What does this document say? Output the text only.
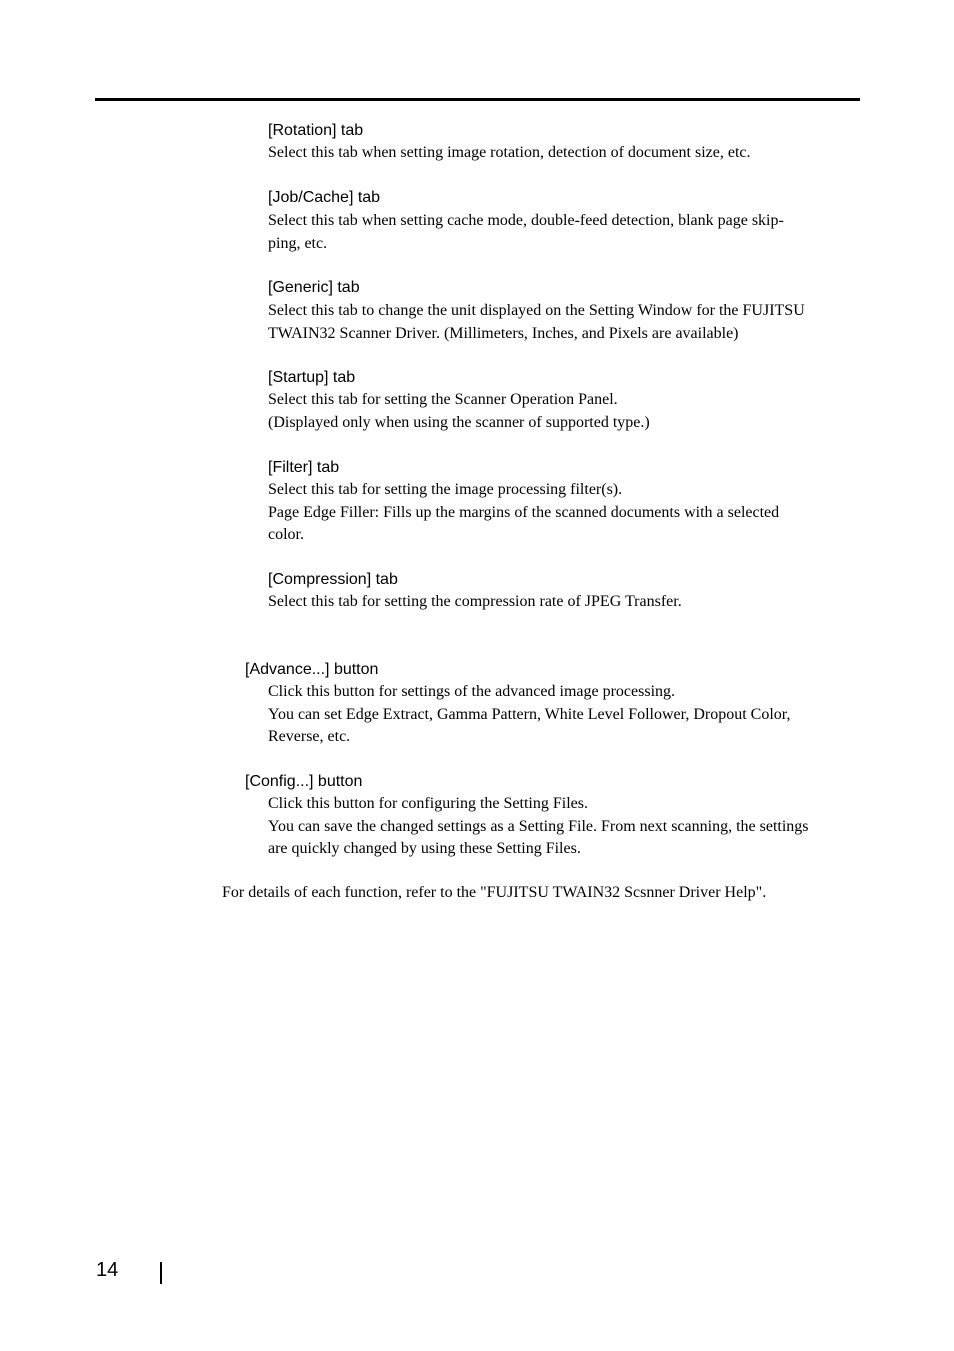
[Rotation] tab

Select this tab when setting image rotation, detection of document size, etc.

[Job/Cache] tab

Select this tab when setting cache mode, double-feed detection, blank page skip-

ping, etc.

[Generic] tab

Select this tab to change the unit displayed on the Setting Window for the FUJITSU

TWAIN32 Scanner Driver. (Millimeters, Inches, and Pixels are available)

[Startup] tab

Select this tab for setting the Scanner Operation Panel.

(Displayed only when using the scanner of supported type.)

[Filter] tab

Select this tab for setting the image processing filter(s).

Page Edge Filler: Fills up the margins of the scanned documents with a selected

color.

[Compression] tab

Select this tab for setting the compression rate of JPEG Transfer.

[Advance...] button

Click this button for settings of the advanced image processing.

You can set Edge Extract, Gamma Pattern, White Level Follower, Dropout Color,

Reverse, etc.

[Config...] button

Click this button for configuring the Setting Files.

You can save the changed settings as a Setting File. From next scanning, the settings

are quickly changed by using these Setting Files.

For details of each function, refer to the "FUJITSU TWAIN32 Scsnner Driver Help".

14
